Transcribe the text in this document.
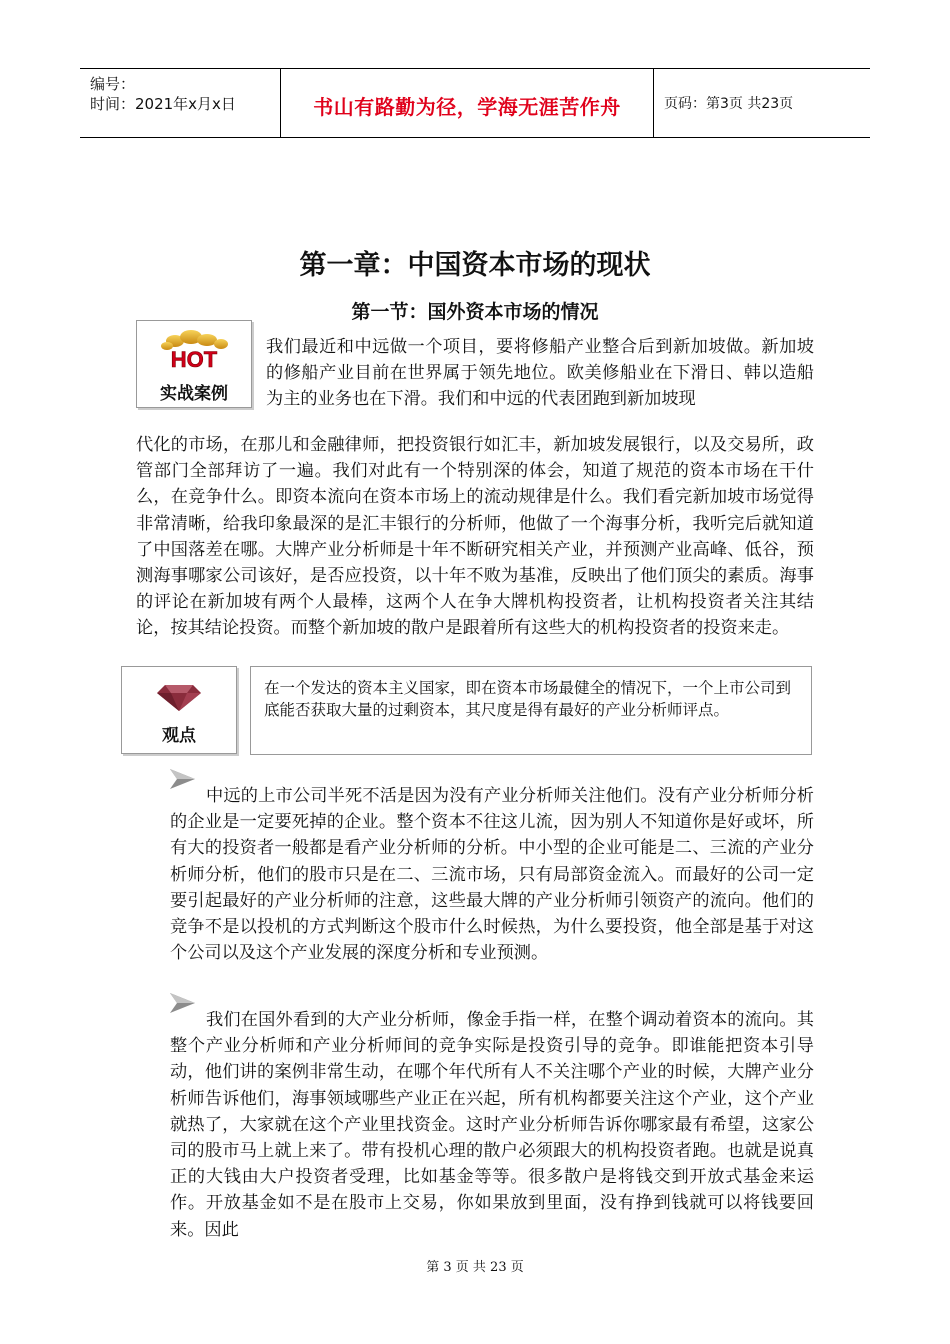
编号：
时间：2021年x月x日	书山有路勤为径，学海无涯苦作舟	页码：第3页 共23页
第一章：中国资本市场的现状
第一节：国外资本市场的情况
HOT
实战案例

我们最近和中远做一个项目，要将修船产业整合后到新加坡做。新加坡的修船产业目前在世界属于领先地位。欧美修船业在下滑日、韩以造船为主的业务也在下滑。我们和中远的代表团跑到新加坡现

代化的市场，在那儿和金融律师，把投资银行如汇丰，新加坡发展银行，以及交易所，政管部门全部拜访了一遍。我们对此有一个特别深的体会，知道了规范的资本市场在干什么，在竞争什么。即资本流向在资本市场上的流动规律是什么。我们看完新加坡市场觉得非常清晰，给我印象最深的是汇丰银行的分析师，他做了一个海事分析，我听完后就知道了中国落差在哪。大牌产业分析师是十年不断研究相关产业，并预测产业高峰、低谷，预测海事哪家公司该好，是否应投资，以十年不败为基准，反映出了他们顶尖的素质。海事的评论在新加坡有两个人最棒，这两个人在争大牌机构投资者，让机构投资者关注其结论，按其结论投资。而整个新加坡的散户是跟着所有这些大的机构投资者的投资来走。

观点

在一个发达的资本主义国家，即在资本市场最健全的情况下，一个上市公司到底能否获取大量的过剩资本，其尺度是得有最好的产业分析师评点。

中远的上市公司半死不活是因为没有产业分析师关注他们。没有产业分析师分析的企业是一定要死掉的企业。整个资本不往这儿流，因为别人不知道你是好或坏，所有大的投资者一般都是看产业分析师的分析。中小型的企业可能是二、三流的产业分析师分析，他们的股市只是在二、三流市场，只有局部资金流入。而最好的公司一定要引起最好的产业分析师的注意，这些最大牌的产业分析师引领资产的流向。他们的竞争不是以投机的方式判断这个股市什么时候热，为什么要投资，他全部是基于对这个公司以及这个产业发展的深度分析和专业预测。

我们在国外看到的大产业分析师，像金手指一样，在整个调动着资本的流向。其整个产业分析师和产业分析师间的竞争实际是投资引导的竞争。即谁能把资本引导动，他们讲的案例非常生动，在哪个年代所有人不关注哪个产业的时候，大牌产业分析师告诉他们，海事领域哪些产业正在兴起，所有机构都要关注这个产业，这个产业就热了，大家就在这个产业里找资金。这时产业分析师告诉你哪家最有希望，这家公司的股市马上就上来了。带有投机心理的散户必须跟大的机构投资者跑。也就是说真正的大钱由大户投资者受理，比如基金等等。很多散户是将钱交到开放式基金来运作。开放基金如不是在股市上交易，你如果放到里面，没有挣到钱就可以将钱要回来。因此

第 3 页 共 23 页
